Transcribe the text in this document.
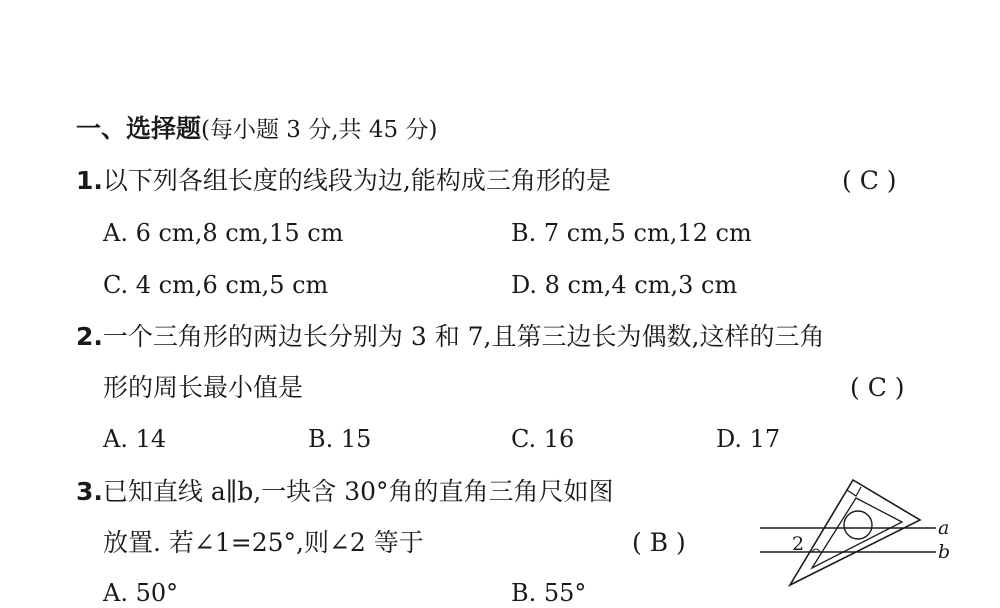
一、选择题(每小题 3 分,共 45 分)
1.以下列各组长度的线段为边,能构成三角形的是	( C )
A. 6 cm,8 cm,15 cm	B. 7 cm,5 cm,12 cm
C. 4 cm,6 cm,5 cm	D. 8 cm,4 cm,3 cm
2.一个三角形的两边长分别为 3 和 7,且第三边长为偶数,这样的三角
形的周长最小值是	( C )
A. 14	B. 15	C. 16	D. 17
3.已知直线 a∥b,一块含 30°角的直角三角尺如图
放置. 若∠1=25°,则∠2 等于	( B )
A. 50°	B. 55°
2
a
b
